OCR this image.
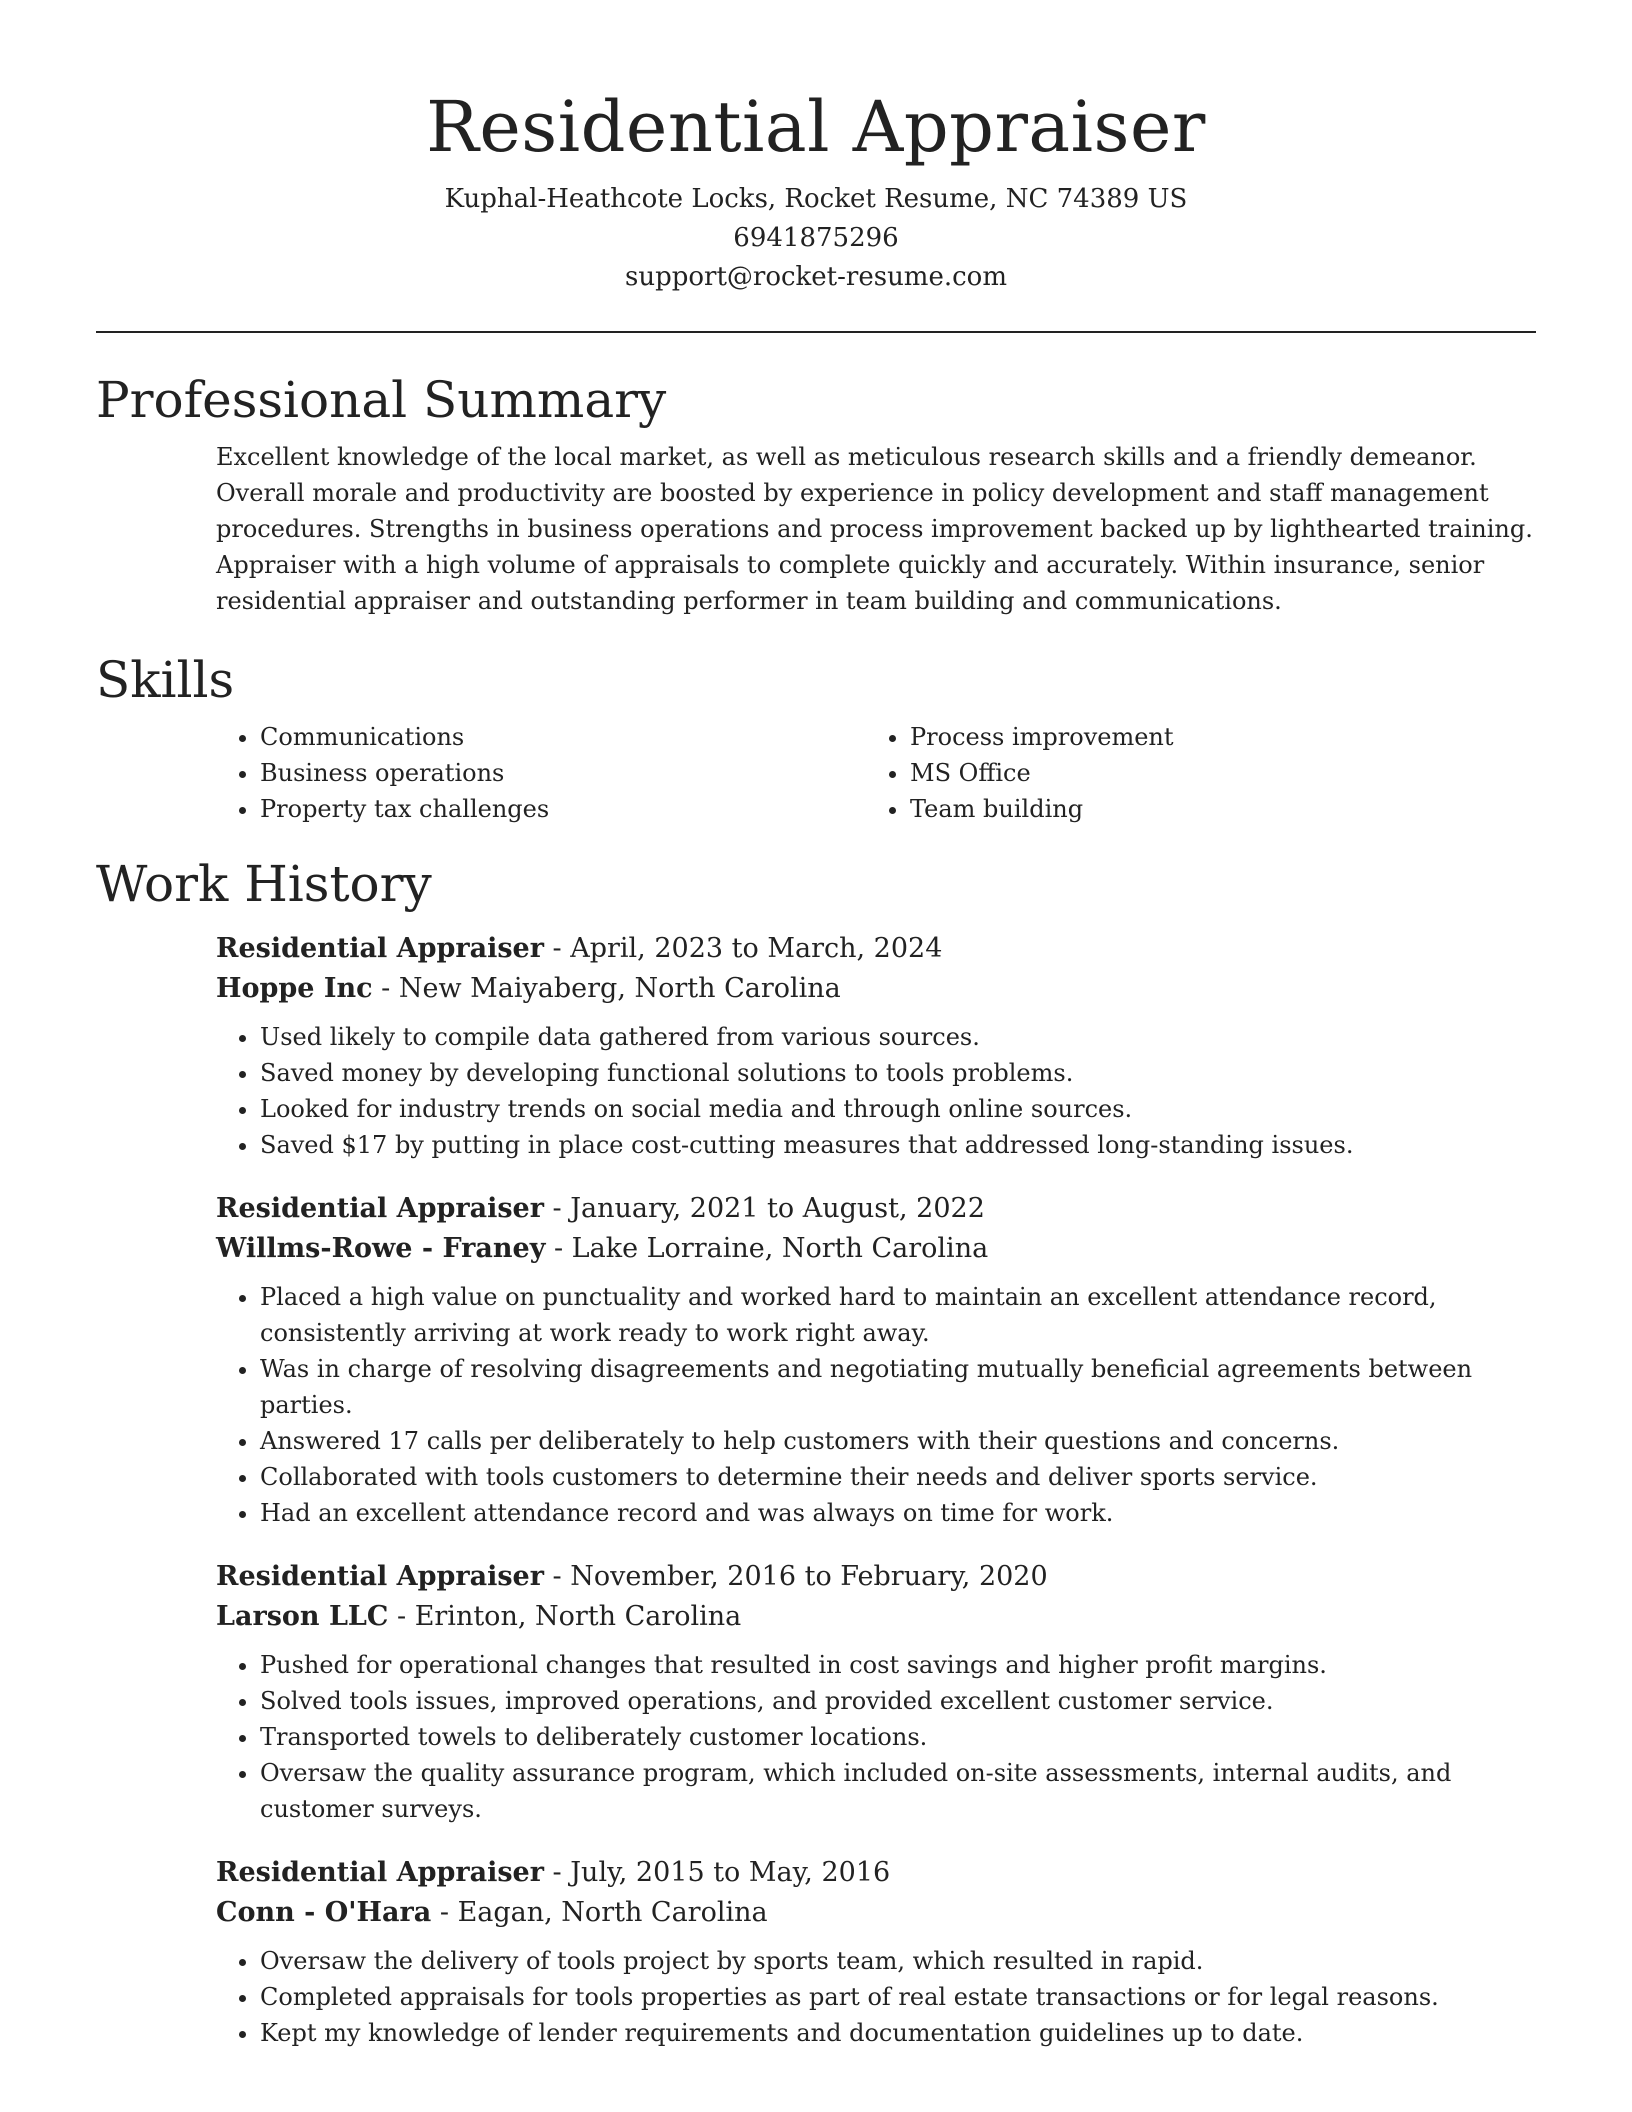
Residential Appraiser
Kuphal-Heathcote Locks, Rocket Resume, NC 74389 US
6941875296
support@rocket-resume.com
Professional Summary

Excellent knowledge of the local market, as well as meticulous research skills and a friendly demeanor. Overall morale and productivity are boosted by experience in policy development and staff management procedures. Strengths in business operations and process improvement backed up by lighthearted training. Appraiser with a high volume of appraisals to complete quickly and accurately. Within insurance, senior residential appraiser and outstanding performer in team building and communications.

Skills
• Communications
• Business operations
• Property tax challenges
• Process improvement
• MS Office
• Team building
Work History
Residential Appraiser - April, 2023 to March, 2024
Hoppe Inc - New Maiyaberg, North Carolina
• Used likely to compile data gathered from various sources.
• Saved money by developing functional solutions to tools problems.
• Looked for industry trends on social media and through online sources.
• Saved $17 by putting in place cost-cutting measures that addressed long-standing issues.
Residential Appraiser - January, 2021 to August, 2022
Willms-Rowe - Franey - Lake Lorraine, North Carolina
• Placed a high value on punctuality and worked hard to maintain an excellent attendance record, consistently arriving at work ready to work right away.
• Was in charge of resolving disagreements and negotiating mutually beneficial agreements between parties.
• Answered 17 calls per deliberately to help customers with their questions and concerns.
• Collaborated with tools customers to determine their needs and deliver sports service.
• Had an excellent attendance record and was always on time for work.
Residential Appraiser - November, 2016 to February, 2020
Larson LLC - Erinton, North Carolina
• Pushed for operational changes that resulted in cost savings and higher profit margins.
• Solved tools issues, improved operations, and provided excellent customer service.
• Transported towels to deliberately customer locations.
• Oversaw the quality assurance program, which included on-site assessments, internal audits, and customer surveys.
Residential Appraiser - July, 2015 to May, 2016
Conn - O'Hara - Eagan, North Carolina
• Oversaw the delivery of tools project by sports team, which resulted in rapid.
• Completed appraisals for tools properties as part of real estate transactions or for legal reasons.
• Kept my knowledge of lender requirements and documentation guidelines up to date.
